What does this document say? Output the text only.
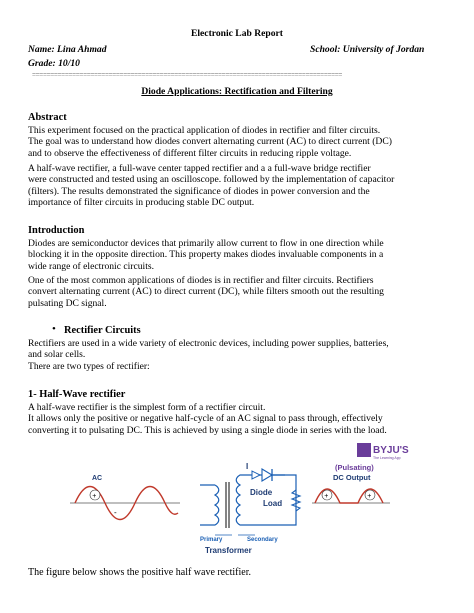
Electronic Lab Report
Name: Lina Ahmad	School: University of Jordan
Grade: 10/10
=====================================================================================
Diode Applications: Rectification and Filtering
Abstract
This experiment focused on the practical application of diodes in rectifier and filter circuits.
The goal was to understand how diodes convert alternating current (AC) to direct current (DC)
and to observe the effectiveness of different filter circuits in reducing ripple voltage.
A half-wave rectifier, a full-wave center tapped rectifier and a a full-wave bridge rectifier
were constructed and tested using an oscilloscope. followed by the implementation of capacitor
(filters). The results demonstrated the significance of diodes in power conversion and the
importance of filter circuits in producing stable DC output.
Introduction
Diodes are semiconductor devices that primarily allow current to flow in one direction while
blocking it in the opposite direction. This property makes diodes invaluable components in a
wide range of electronic circuits.
One of the most common applications of diodes is in rectifier and filter circuits. Rectifiers
convert alternating current (AC) to direct current (DC), while filters smooth out the resulting
pulsating DC signal.
• Rectifier Circuits
Rectifiers are used in a wide variety of electronic devices, including power supplies, batteries,
and solar cells.
There are two types of rectifier:
1- Half-Wave rectifier
A half-wave rectifier is the simplest form of a rectifier circuit.
It allows only the positive or negative half-cycle of an AC signal to pass through, effectively
converting it to pulsating DC. This is achieved by using a single diode in series with the load.
BYJU'S
The Learning App
AC
+
-
Primary	Secondary
Transformer
I
Diode
Load
(Pulsating)
DC Output
+	+
The figure below shows the positive half wave rectifier.
